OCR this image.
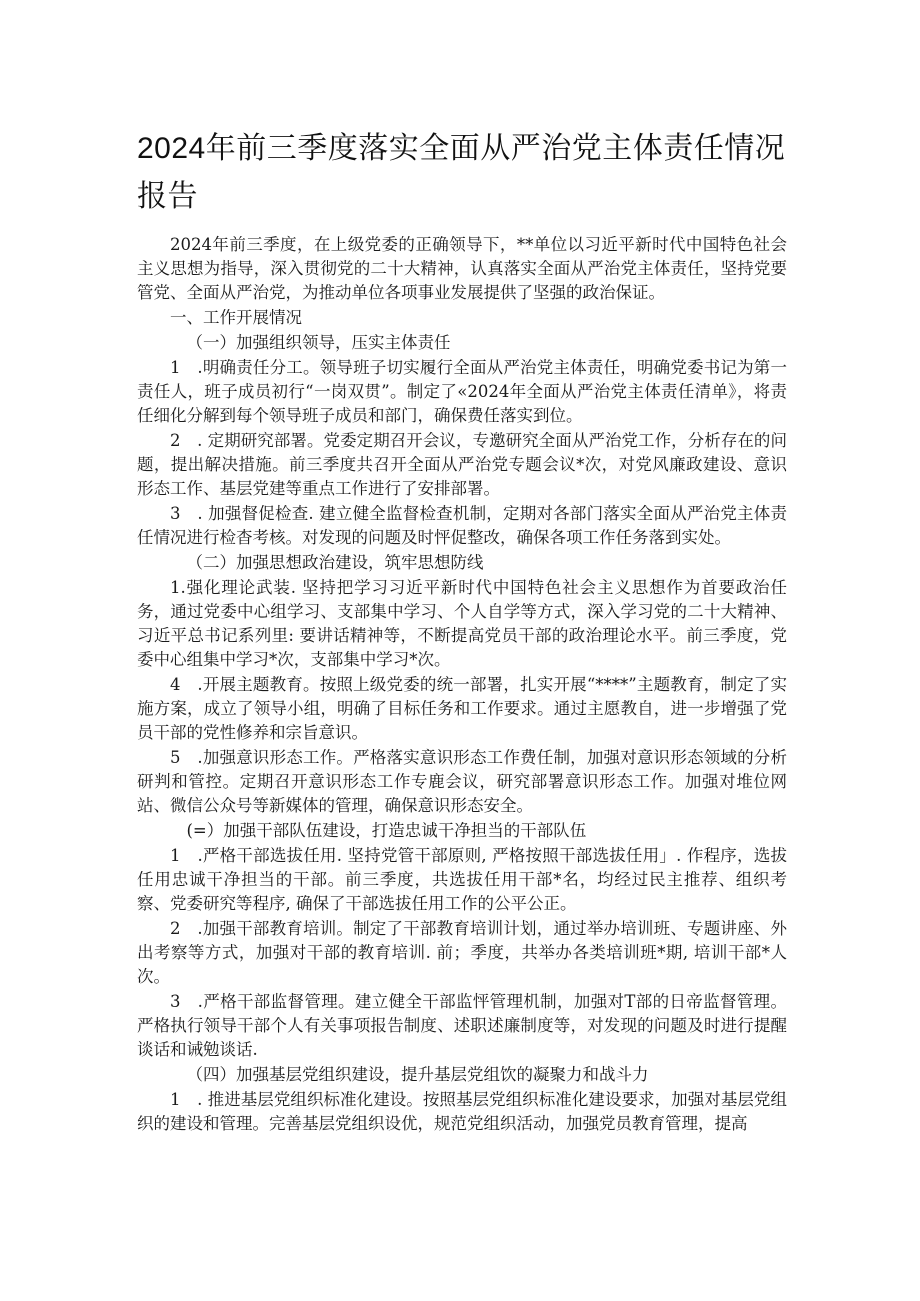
2024年前三季度落实全面从严治党主体责任情况报告

2024年前三季度，在上级党委的正确领导下，**单位以习近平新时代中国特色社会主义思想为指导，深入贯彻党的二十大精神，认真落实全面从严治党主体责任，坚持党要管党、全面从严治党，为推动单位各项事业发展提供了坚强的政治保证。

一、工作开展情况

（一）加强组织领导，压实主体责任

1　.明确责任分工。领导班子切实履行全面从严治党主体责任，明确党委书记为第一责任人，班子成员初行“一岗双贯”。制定了«2024年全面从严治党主体责任清单》，将责任细化分解到每个领导班子成员和部门，确保费任落实到位。

2　. 定期研究部署。党委定期召开会议，专邀研究全面从严治党工作，分析存在的问题，提出解决措施。前三季度共召开全面从严治党专题会议*次，对党风廉政建设、意识形态工作、基层党建等重点工作进行了安排部署。

3　. 加强督促检查. 建立健全监督检查机制，定期对各部门落实全面从严治党主体责任情况进行检杳考核。对发现的问题及时怦促整改，确保各项工作任务落到实处。

（二）加强思想政治建设，筑牢思想防线

1.强化理论武装. 坚持把学习习近平新时代中国特色社会主义思想作为首要政治任务，通过党委中心组学习、支部集中学习、个人自学等方式，深入学习党的二十大精神、习近平总书记系列里: 要讲话精神等，不断提高党员干部的政治理论水平。前三季度，党委中心组集中学习*次，支部集中学习*次。

4　.开展主题教育。按照上级党委的统一部署，扎实开展“****”主题教育，制定了实施方案，成立了领导小组，明确了目标任务和工作要求。通过主愿教自，进一步增强了党员干部的党性修养和宗旨意识。

5　.加强意识形态工作。严格落实意识形态工作费任制，加强对意识形态领域的分析研判和管控。定期召开意识形态工作专鹿会议，研究部署意识形态工作。加强对堆位网站、微信公众号等新媒体的管理，确保意识形态安全。

(=）加强干部队伍建设，打造忠诚干净担当的干部队伍

1　.严格干部选拔任用. 坚持党管干部原则, 严格按照干部选拔任用」. 作程序，选拔任用忠诚干净担当的干部。前三季度，共选拔任用干部*名，均经过民主推荐、组织考察、党委研究等程序, 确保了干部选拔任用工作的公平公正。

2　.加强干部教育培训。制定了干部教育培训计划，通过举办培训班、专题讲座、外出考察等方式，加强对干部的教育培训. 前；季度，共举办各类培训班*期, 培训干部*人次。

3　.严格干部监督管理。建立健全干部监怦管理机制，加强对T部的日帝监督管理。严格执行领导干部个人有关事项报告制度、述职述廉制度等，对发现的问题及时进行提醒谈话和诫勉谈话.

（四）加强基层党组织建设，提升基层党组饮的凝聚力和战斗力

1　. 推进基层党组织标准化建设。按照基层党组织标准化建设要求，加强对基层党组织的建设和管理。完善基层党组织设优，规范党组织活动，加强党员教育管理，提高
